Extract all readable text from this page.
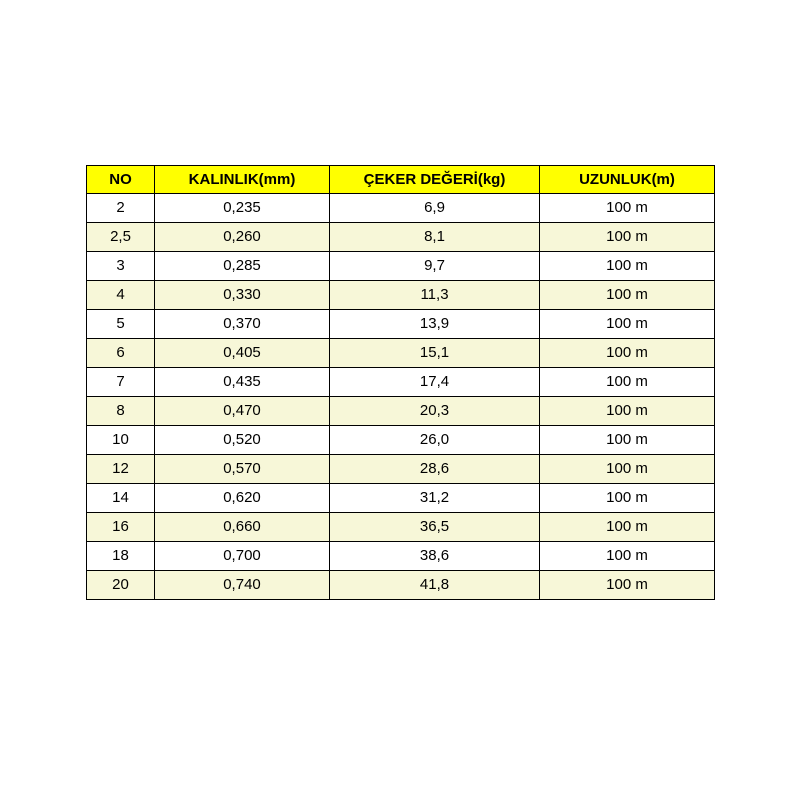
NO	KALINLIK(mm)	ÇEKER DEĞERİ(kg)	UZUNLUK(m)
2	0,235	6,9	100 m
2,5	0,260	8,1	100 m
3	0,285	9,7	100 m
4	0,330	11,3	100 m
5	0,370	13,9	100 m
6	0,405	15,1	100 m
7	0,435	17,4	100 m
8	0,470	20,3	100 m
10	0,520	26,0	100 m
12	0,570	28,6	100 m
14	0,620	31,2	100 m
16	0,660	36,5	100 m
18	0,700	38,6	100 m
20	0,740	41,8	100 m
